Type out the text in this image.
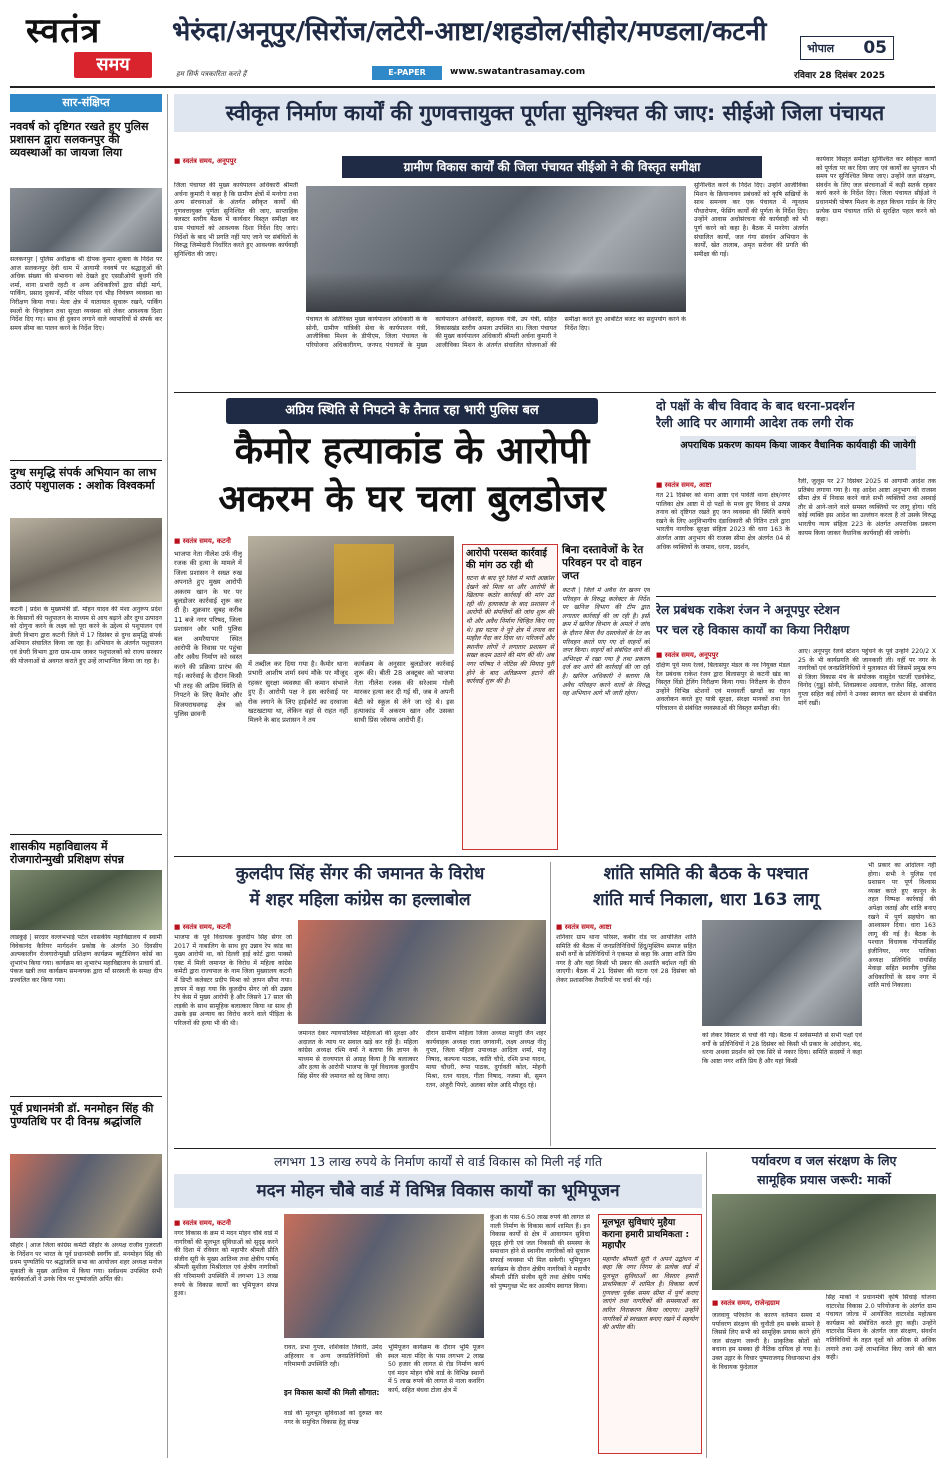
स्वतंत्र
समय	हम सिर्फ पत्रकारिता करते हैं
भेरुंदा/अनूपुर/सिरोंज/लटेरी-आष्टा/शहडोल/सीहोर/मण्डला/कटनी
भोपाल 05
E-PAPER	www.swatantrasamay.com	रविवार 28 दिसंबर 2025
सार-संक्षिप्त
नववर्ष को दृष्टिगत रखते हुए पुलिस प्रशासन द्वारा सलकनपुर की व्यवस्थाओं का जायजा लिया
सलकनपुर | पुलिस अधीक्षक श्री दीपक कुमार शुक्ला के निर्देश पर आज सलकनपुर देवी धाम में आगामी नववर्ष पर श्रद्धालुओं की अधिक संख्या की संभावना को देखते हुए एसडीओपी बुधनी रवि शर्मा, थाना प्रभारी रहटी व अन्य अधिकारियों द्वारा सीढ़ी मार्ग, पार्किंग, प्रसाद दुकानों, मंदिर परिसर एवं भीड़ नियंत्रण व्यवस्था का निरीक्षण किया गया। मेला क्षेत्र में यातायात सुचारू रखने, पार्किंग स्थलों के चिन्हांकन तथा सुरक्षा व्यवस्था को लेकर आवश्यक दिशा निर्देश दिए गए। साथ ही दुकान लगाने वाले व्यापारियों से संपर्क कर समय सीमा का पालन करने के निर्देश दिए।
दुग्ध समृद्धि संपर्क अभियान का लाभ उठाएं पशुपालक : अशोक विश्वकर्मा
कटनी | प्रदेश के मुख्यमंत्री डॉ. मोहन यादव की मंशा अनुरूप प्रदेश के किसानों की पशुपालन के माध्यम से आय बढ़ाने और दुग्ध उत्पादन को दोगुना करने के लक्ष्य को पूरा करने के उद्देश्य से पशुपालन एवं डेयरी विभाग द्वारा कटनी जिले में 17 दिसंबर से दुग्ध समृद्धि संपर्क अभियान संचालित किया जा रहा है। अभियान के अंतर्गत पशुपालन एवं डेयरी विभाग द्वारा ग्राम-ग्राम जाकर पशुपालकों को राज्य सरकार की योजनाओं से अवगत कराते हुए उन्हें लाभान्वित किया जा रहा है।
शासकीय महाविद्यालय में रोजगारोन्मुखी प्रशिक्षण संपन्न
लाडकुई | सरदार वल्लभभाई पटेल शासकीय महाविद्यालय में स्वामी विवेकानंद कैरियर मार्गदर्शन प्रकोष्ठ के अंतर्गत 30 दिवसीय अल्पकालीन रोजगारोन्मुखी प्रशिक्षण कार्यक्रम ब्यूटीशियन कोर्स का शुभारंभ किया गया। कार्यक्रम का शुभारंभ महाविद्यालय के प्राचार्य डॉ. पंकज खत्री तथा कार्यक्रम समन्वयक द्वारा माँ सरस्वती के समक्ष दीप प्रज्वलित कर किया गया।
पूर्व प्रधानमंत्री डॉ. मनमोहन सिंह की पुण्यतिथि पर दी विनम्र श्रद्धांजलि
सीहोर | आज जिला कांग्रेस कमेटी सीहोर के अध्यक्ष राजीव गुजराती के निर्देशन पर भारत के पूर्व प्रधानमंत्री स्वर्गीय डॉ. मनमोहन सिंह की प्रथम पुण्यतिथि पर श्रद्धांजलि सभा का आयोजन शहर अध्यक्ष मनोज मुकाती के मुख्य आतिथ्य में किया गया। सर्वप्रथम उपस्थित सभी कार्यकर्ताओं ने उनके चित्र पर पुष्पांजलि अर्पित की।
स्वीकृत निर्माण कार्यों की गुणवत्तायुक्त पूर्णता सुनिश्चत की जाए: सीईओ जिला पंचायत
■ स्वतंत्र समय, अनूपपुर	ग्रामीण विकास कार्यों की जिला पंचायत सीईओ ने की विस्तृत समीक्षा
जिला पंचायत की मुख्य कार्यपालन अधिकारी श्रीमती अर्चना कुमारी ने कहा है कि ग्रामीण क्षेत्रों में मनरेगा तथा अन्य संरचनाओं के अंतर्गत स्वीकृत कार्यों की गुणवत्तायुक्त पूर्णता सुनिश्चित की जाए, साप्ताहिक क्लस्टर स्तरीय बैठक में कार्यवार विस्तृत समीक्षा कर ग्राम पंचायतों को आवश्यक दिशा निर्देश दिए जाएं। निर्देशों के बाद भी प्रगति नहीं पाए जाने पर संबंधितों के विरुद्ध जिम्मेदारी निर्धारित करते हुए आवश्यक कार्यवाही सुनिश्चित की जाए।
पंचायत के अतिरिक्त मुख्य कार्यपालन अधिकारी के के सोनी, ग्रामीण यांत्रिकी सेवा के कार्यपालन यंत्री, आजीविका मिशन के डीपीएम, जिला पंचायत के परियोजना अधिकारीगण, जनपद पंचायतों के मुख्य कार्यपालन अधिकारी, सहायक यंत्री, उप यंत्री, सहित विकासखंड स्तरीय अमला उपस्थित था। जिला पंचायत की मुख्य कार्यपालन अधिकारी श्रीमती अर्चना कुमारी ने आजीविका मिशन के अंतर्गत संचालित योजनाओं की समीक्षा करते हुए आबंटित बजट का सदुपयोग करने के निर्देश दिए।
सुनिश्चित करने के निर्देश दिए। उन्होंने आजीविका मिशन के क्रियान्वयन प्रबंधकों को कृषि सखियों के साथ समन्वय कर एक पंचायत में न्यूनतम पौधारोपण, फेंसिंग कार्यों की पूर्णता के निर्देश दिए। उन्होंने आवास अधोसंरचना की कार्यवाही को भी पूर्ण करने को कहा है। बैठक में मनरेगा अंतर्गत संचालित कार्यों, जल गंगा संवर्धन अभियान के कार्यों, खेत तालाब, अमृत सरोवर की प्रगति की समीक्षा की गई।
कार्यवार विस्तृत समीक्षा सुनिश्चित कर स्वीकृत कार्यों को पूर्णता पर कर दिया जाए एवं कार्यों का भुगतान भी समय पर सुनिश्चित किया जाए। उन्होंने जल संरक्षण, संवर्धन के लिए जल संरचनाओं में कड़ी सतर्क रहकर कार्य करने के निर्देश दिए। जिला पंचायत सीईओ ने प्रधानमंत्री पोषण मिशन के तहत किचन गार्डन के लिए प्रत्येक ग्राम पंचायत राशि से सुरक्षित पहल करने को कहा।
अप्रिय स्थिति से निपटने के तैनात रहा भारी पुलिस बल
कैमोर हत्याकांड के आरोपी
अकरम के घर चला बुलडोजर
■ स्वतंत्र समय, कटनी
भाजपा नेता नीलेश उर्फ नीलू रजक की हत्या के मामले में जिला प्रशासन ने सख्त रुख अपनाते हुए मुख्य आरोपी अकरम खान के घर पर बुलडोजर कार्रवाई शुरू कर दी है। शुक्रवार सुबह करीब 11 बजे नगर परिषद, जिला प्रशासन और भारी पुलिस बल अमरैयापार स्थित आरोपी के निवास पर पहुंचा और अवैध निर्माण को ध्वस्त करने की प्रक्रिया प्रारंभ की गई। कार्रवाई के दौरान किसी भी तरह की अप्रिय स्थिति से निपटने के लिए कैमोर और विजयराघवगढ़ क्षेत्र को पुलिस छावनी
में तब्दील कर दिया गया है। कैमोर थाना प्रभारी आशीष शर्मा स्वयं मौके पर मौजूद रहकर सुरक्षा व्यवस्था की कमान संभाले हुए हैं। आरोपी पक्ष ने इस कार्रवाई पर रोक लगाने के लिए हाईकोर्ट का दरवाजा खटखटाया था, लेकिन वहां से राहत नहीं मिलने के बाद प्रशासन ने तय
कार्यक्रम के अनुसार बुलडोजर कार्रवाई शुरू की। बीती 28 अक्टूबर को भाजपा नेता नीलेश रजक की सरेआम गोली मारकर हत्या कर दी गई थी, जब वे अपनी बेटी को स्कूल से लेने जा रहे थे। इस हत्याकांड में अकरम खान और उसका साथी प्रिंस जोसफ आरोपी हैं।
आरोपी परसब्त कार्रवाई की मांग उठ रही थी
घटना के बाद पूरे जिले में भारी आक्रोश देखने को मिला था और आरोपी के खिलाफ कठोर कार्रवाई की मांग उठ रही थी। हत्याकांड के बाद प्रशासन ने आरोपी की संपत्तियों की जांच शुरू की थी और अवैध निर्माण चिन्हित किए गए थे। इस घटना ने पूरे क्षेत्र में तनाव का माहौल पैदा कर दिया था। परिजनों और स्थानीय लोगों ने लगातार प्रशासन से सख्त कदम उठाने की मांग की थी। अब नगर परिषद ने नोटिस की मियाद पूरी होने के बाद अतिक्रमण हटाने की कार्रवाई शुरू की है।
बिना दस्तावेजों के रेत परिवहन पर दो वाहन जप्त
कटनी | जिले में अवैध रेत खनन एवं परिवहन के विरुद्ध कलेक्टर के निर्देश पर खनिज विभाग की टीम द्वारा लगातार कार्रवाई की जा रही है। इसी क्रम में खनिज विभाग के अमले ने जांच के दौरान बिना वैध दस्तावेजों के रेत का परिवहन करते पाए गए दो वाहनों को जप्त किया। वाहनों को संबंधित थाने की अभिरक्षा में रखा गया है तथा प्रकरण दर्ज कर आगे की कार्रवाई की जा रही है। खनिज अधिकारी ने बताया कि अवैध परिवहन करने वालों के विरुद्ध यह अभियान आगे भी जारी रहेगा।
दो पक्षों के बीच विवाद के बाद धरना-प्रदर्शन
रैली आदि पर आगामी आदेश तक लगी रोक
अपराधिक प्रकरण कायम किया जाकर वैधानिक कार्यवाही की जावेगी
■ स्वतंत्र समय, आष्टा
गत 21 दिसंबर को थाना आष्टा एवं पार्वती थाना क्षेत्र/नगर पालिका क्षेत्र आष्टा में दो पक्षों के मध्य हुए विवाद से उत्पन्न तनाव को दृष्टिगत रखते हुए जन व्यवस्था की स्थिति बनाये रखने के लिए अनुविभागीय दंडाधिकारी श्री नितिन टाले द्वारा भारतीय नागरिक सुरक्षा संहिता 2023 की धारा 163 के अंतर्गत आष्टा अनुभाग की राजस्व सीमा क्षेत्र अंतर्गत 04 से अधिक व्यक्तियों के जमाव, धरना, प्रदर्शन,
रैली, जुलूस पर 27 दिसंबर 2025 से आगामी आदेश तक प्रतिबंध लगाया गया है। यह आदेश आष्टा अनुभाग की राजस्व सीमा क्षेत्र में निवास करने वाले सभी व्यक्तियों तथा अस्थाई तौर से आने-जाने वाले समस्त व्यक्तियों पर लागू होगा। यदि कोई व्यक्ति इस आदेश का उल्लंघन करता है तो उसके विरुद्ध भारतीय न्याय संहिता 223 के अंतर्गत अपराधिक प्रकरण कायम किया जाकर वैधानिक कार्यवाही की जावेगी।
रेल प्रबंधक राकेश रंजन ने अनूपपुर स्टेशन
पर चल रहे विकास कार्यों का किया निरीक्षण
■ स्वतंत्र समय, अनूपपुर
दक्षिण पूर्व मध्य रेलवे, बिलासपुर मंडल के नव नियुक्त मंडल रेल प्रबंधक राकेश रंजन द्वारा बिलासपुर से कटनी खंड का विस्तृत विंडो ट्रेलिंग निरीक्षण किया गया। निरीक्षण के दौरान उन्होंने विभिन्न स्टेशनों एवं मध्यवर्ती खण्डों का गहन अवलोकन करते हुए यात्री सुरक्षा, संरक्षा मानकों तथा रेल परिचालन से संबंधित व्यवस्थाओं की विस्तृत समीक्षा की।
आए। अनूपपुर रेलवे स्टेशन पहुंचने के पूर्व उन्होंने 220/2 X 25 के भी कार्यप्रगति की जानकारी ली। वहीं पर नगर के नागरिकों एवं जनप्रतिनिधियों ने मुलाकात की जिसमें प्रमुख रूप से जिला विकास मंच के संयोजक वासुदेव चटर्जी एडवोकेट, विनोद (गुड्डू) सोनी, शिवप्रकाश अग्रवाल, राजेश सिंह, आजाद गुप्ता सहित कई लोगों ने उनका स्वागत कर स्टेशन से संबंधित मांगें रखीं।
कुलदीप सिंह सेंगर की जमानत के विरोध
में शहर महिला कांग्रेस का हल्लाबोल
■ स्वतंत्र समय, कटनी
भाजपा के पूर्व विधायक कुलदीप सिंह सेंगर जो 2017 में नाबालिग के साथ हुए उन्नाव रेप कांड का मुख्य आरोपी था, को दिल्ली हाई कोर्ट द्वारा पाक्सो एक्ट में मिली जमानत के विरोध में महिला कांग्रेस कमेटी द्वारा राज्यपाल के नाम जिला मुख्यालय कटनी में डिप्टी कलेक्टर प्रदीप मिश्रा को ज्ञापन सौंपा गया। ज्ञापन में कहा गया कि कुलदीप सेंगर जो की उन्नाव रेप केस में मुख्य आरोपी है और जिसने 17 साल की लड़की के साथ सामूहिक बलात्कार किया था साथ ही उसके इस अन्याय का विरोध करने वाले पीड़िता के परिजनों की हत्या भी की थी।
जमानत देकर न्यायपालिका महिलाओं की सुरक्षा और अदालत के न्याय पर सवाल खड़े कर रही है। महिला कांग्रेस अध्यक्ष रश्मि वर्मा ने बताया कि ज्ञापन के माध्यम से राज्यपाल से आग्रह किया है कि बलात्कार और हत्या के आरोपी भाजपा के पूर्व विधायक कुलदीप सिंह सेंगर की जमानत को रद्द किया जाए।
दौरान ग्रामीण महिला जिला अध्यक्ष माधुरी जैन शहर कार्यवाहक अध्यक्ष राजा जगवानी, लक्ष्य अध्यक्ष नीतू गुप्ता, जिला महिला उपाध्यक्ष आदिता शर्मा, मंजू निषाद, कल्पना पाठक, कांति चौधे, रश्मि प्रभा यादव, माया चौधरी, रूपा पाठक, दुर्गावती कोल, मोहनी मिश्रा, रतन यादव, गीता निषाद, नजमा बी, सुमन रतन, अंजुरी पिपरे, अलका कोल आदि मौजूद रहे।
शांति समिति की बैठक के पश्चात
शांति मार्च निकाला, धारा 163 लागू
■ स्वतंत्र समय, आष्टा
शनिवार ग्राम थाना परिसर, कबीर रोड पर आयोजित शांति समिति की बैठक में जनप्रतिनिधियों हिंदू/मुस्लिम समाज सहित सभी वर्गों के प्रतिनिधियों ने एकमत से कहा कि आष्टा शांति प्रिय नगर है और यहां किसी भी प्रकार की अशांति बर्दाश्त नहीं की जाएगी। बैठक में 21 दिसंबर की घटना एवं 28 दिसंबर को लेकर प्रशासनिक तैयारियों पर चर्चा की गई।
को लेकर विस्तार से चर्चा की गई। बैठक में सर्वसम्मति से सभी पक्षों एवं वर्गों के प्रतिनिधियों ने 28 दिसंबर को किसी भी प्रकार के आंदोलन, बंद, धरना अथवा प्रदर्शन को एक सिरे से नकार दिया। समिति सदस्यों ने कहा कि आष्टा नगर शांति प्रिय है और यहां किसी
भी प्रकार का आंदोलन नहीं होगा। सभी ने पुलिस एवं प्रशासन पर पूर्ण विश्वास व्यक्त करते हुए कानून के तहत निष्पक्ष कार्रवाई की अपेक्षा जताई और शांति बनाए रखने में पूर्ण सहयोग का आश्वासन दिया। धारा 163 लागू की गई है। बैठक के पश्चात विधायक गोपालसिंह इंजीनियर, नगर पालिका अध्यक्ष प्रतिनिधि रायसिंह मेवाड़ा सहित स्थानीय पुलिस अधिकारियों के साथ नगर में शांति मार्च निकाला।
लगभग 13 लाख रुपये के निर्माण कार्यों से वार्ड विकास को मिली नई गति
मदन मोहन चौबे वार्ड में विभिन्न विकास कार्यों का भूमिपूजन
■ स्वतंत्र समय, कटनी
नगर विकास के क्रम में मदन मोहन चौबे वार्ड में नागरिकों की मूलभूत सुविधाओं को सुदृढ़ करने की दिशा में रविवार को महापौर श्रीमती प्रीति संजीव सूरी के मुख्य आतिथ्य तथा क्षेत्रीय पार्षद श्रीमती सुशीला मिश्रीलाल एवं क्षेत्रीय नागरिकों की गरिमामयी उपस्थिति में लगभग 13 लाख रुपये के विकास कार्यों का भूमिपूजन संपन्न हुआ।
रावत, प्रभा गुप्ता, शशिकांत तिवारी, उमेद अहिरवार व अन्य जनप्रतिनिधियों की गरिमामयी उपस्थिति रही।
इन विकास कार्यों की मिली सौगात:
वार्ड की मूलभूत सुविधाओं को दुरुस्त कर नगर के समुचित विकास हेतु संपन्न
भूमिपूजन कार्यक्रम के दौरान भूमि पूजन स्थल माता मंदिर के पास लगभग 2 लाख 50 हजार की लागत से रोड निर्माण कार्य एवं मदन मोहन चौबे वार्ड के विभिन्न स्थानों में 5 लाख रुपये की लागत से नाला कवरिंग कार्य, सहित बंधवा टोला क्षेत्र में
कुंआ के पास 6.50 लाख रुपये की लागत से नाली निर्माण के विकास कार्य शामिल हैं। इन विकास कार्यों से क्षेत्र में आवागमन सुविधा सुदृढ़ होगी एवं जल निकासी की समस्या के समाधान होने से स्थानीय नागरिकों को सुचारू सफाई व्यवस्था भी मिल सकेगी। भूमिपूजन कार्यक्रम के दौरान क्षेत्रीय नागरिकों ने महापौर श्रीमती प्रीति संजीव सूरी तथा क्षेत्रीय पार्षद को पुष्पगुच्छ भेंट कर आत्मीय स्वागत किया।
मूलभूत सुविधाएं मुहैया कराना हमारी प्राथमिकता : महापौर
महापौर श्रीमती सूरी ने अपने उद्बोधन में कहा कि नगर निगम के प्रत्येक वार्ड में मूलभूत सुविधाओं का विस्तार हमारी प्राथमिकता में शामिल है। विकास कार्य गुणवत्ता पूर्वक समय सीमा में पूर्ण कराए जाएंगे तथा नागरिकों की समस्याओं का त्वरित निराकरण किया जाएगा। उन्होंने नागरिकों से स्वच्छता बनाए रखने में सहयोग की अपील की।
पर्यावरण व जल संरक्षण के लिए
सामूहिक प्रयास जरूरी: मार्को
■ स्वतंत्र समय, राजेन्द्रग्राम
जलवायु परिवर्तन के कारण वर्तमान समय में पर्यावरण संरक्षण की चुनौती हम सबके सामने है जिससे लिए सभी को सामूहिक प्रयास करने होंगे जल संरक्षण जरूरी है। प्राकृतिक स्रोतों को बचाना हम सबका ही नैतिक दायित्व हो गया है। उक्त उद्गार के विचार पुष्पराजगढ़ विधानसभा क्षेत्र के विधायक फुंदेलाल
सिंह मार्को ने प्रधानमंत्री कृषि सिंचाई योजना वाटरशेड विकास 2.0 परियोजना के अंतर्गत ग्राम पंचायत जोल्ड में आयोजित वाटरशेड महोत्सव कार्यक्रम को संबोधित करते हुए कही। उन्होंने वाटरशेड मिशन के अंतर्गत जल संरक्षण, संवर्धन गतिविधियों के तहत वृक्षों को अधिक से अधिक लगाने तथा उन्हें लाभान्वित किए जाने की बात कही।
